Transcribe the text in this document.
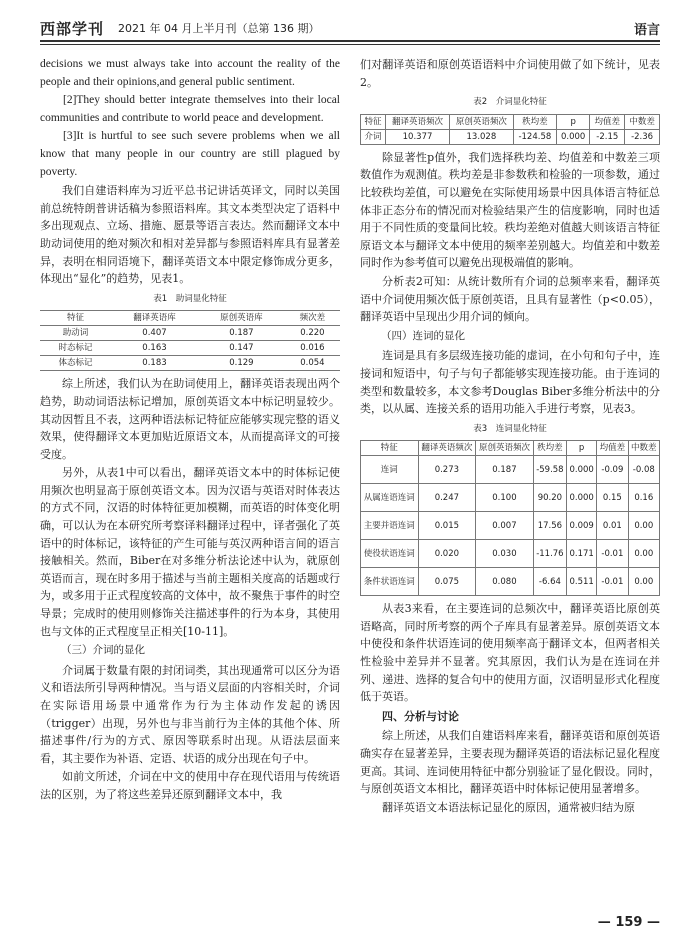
西部学刊 2021 年 04 月上半月刊（总第 136 期）	语言

decisions we must always take into account the reality of the people and their opinions,and general public sentiment.

[2]They should better integrate themselves into their local communities and contribute to world peace and development.

[3]It is hurtful to see such severe problems when we all know that many people in our country are still plagued by poverty.

我们自建语料库为习近平总书记讲话英译文，同时以美国前总统特朗普讲话稿为参照语料库。其文本类型决定了语料中多出现观点、立场、措施、愿景等语言表达。然而翻译文本中助动词使用的绝对频次和相对差异都与参照语料库具有显著差异，表明在相同语境下，翻译英语文本中限定修饰成分更多，体现出“显化”的趋势，见表1。

表1　助词显化特征
特征	翻译英语库	原创英语库	频次差
助动词	0.407	0.187	0.220
时态标记	0.163	0.147	0.016
体态标记	0.183	0.129	0.054

综上所述，我们认为在助词使用上，翻译英语表现出两个趋势，助动词语法标记增加，原创英语文本中标记明显较少。其动因暂且不表，这两种语法标记特征应能够实现完整的语义效果，使得翻译文本更加贴近原语文本，从而提高译文的可接受度。

另外，从表1中可以看出，翻译英语文本中的时体标记使用频次也明显高于原创英语文本。因为汉语与英语对时体表达的方式不同，汉语的时体特征更加模糊，而英语的时体变化明确，可以认为在本研究所考察译料翻译过程中，译者强化了英语中的时体标记，该特征的产生可能与英汉两种语言间的语言接触相关。然而，Biber在对多维分析法论述中认为，就原创英语而言，现在时多用于描述与当前主题相关度高的话题或行为，或多用于正式程度较高的文体中，故不聚焦于事件的时空导景；完成时的使用则修饰关注描述事件的行为本身，其使用也与文体的正式程度呈正相关[10-11]。

（三）介词的显化

介词属于数量有限的封闭词类，其出现通常可以区分为语义和语法所引导两种情况。当与语义层面的内容相关时，介词在实际语用场景中通常作为行为主体动作发起的诱因（trigger）出现，另外也与非当前行为主体的其他个体、所描述事件/行为的方式、原因等联系时出现。从语法层面来看，其主要作为补语、定语、状语的成分出现在句子中。

如前文所述，介词在中文的使用中存在现代语用与传统语法的区别，为了将这些差异还原到翻译文本中，我

们对翻译英语和原创英语语料中介词使用做了如下统计，见表2。

表2　介词显化特征
特征	翻译英语频次	原创英语频次	秩均差	p	均值差	中数差
介词	10.377	13.028	-124.58	0.000	-2.15	-2.36

除显著性p值外，我们选择秩均差、均值差和中数差三项数值作为观测值。秩均差是非参数秩和检验的一项参数，通过比较秩均差值，可以避免在实际使用场景中因具体语言特征总体非正态分布的情况而对检验结果产生的信度影响，同时也适用于不同性质的变量间比较。秩均差绝对值越大则该语言特征原语文本与翻译文本中使用的频率差别越大。均值差和中数差同时作为参考值可以避免出现极端值的影响。

分析表2可知：从统计数所有介词的总频率来看，翻译英语中介词使用频次低于原创英语，且具有显著性（p<0.05），翻译英语中呈现出少用介词的倾向。

（四）连词的显化

连词是具有多层级连接功能的虚词，在小句和句子中，连接词和短语中，句子与句子都能够实现连接功能。由于连词的类型和数量较多，本文参考Douglas Biber多维分析法中的分类，以从属、连接关系的语用功能入手进行考察，见表3。

表3　连词显化特征
特征	翻译英语频次	原创英语频次	秩均差	p	均值差	中数差
连词	0.273	0.187	-59.58	0.000	-0.09	-0.08
从属连语连词	0.247	0.100	90.20	0.000	0.15	0.16
主要并语连词	0.015	0.007	17.56	0.009	0.01	0.00
使役状语连词	0.020	0.030	-11.76	0.171	-0.01	0.00
条件状语连词	0.075	0.080	-6.64	0.511	-0.01	0.00

从表3来看，在主要连词的总频次中，翻译英语比原创英语略高，同时所考察的两个子库具有显著差异。原创英语文本中使役和条件状语连词的使用频率高于翻译文本，但两者相关性检验中差异并不显著。究其原因，我们认为是在连词在并列、递进、选择的复合句中的使用方面，汉语明显形式化程度低于英语。

四、分析与讨论

综上所述，从我们自建语料库来看，翻译英语和原创英语确实存在显著差异，主要表现为翻译英语的语法标记显化程度更高。其词、连词使用特征中都分别验证了显化假设。同时，与原创英语文本相比，翻译英语中时体标记使用显著增多。

翻译英语文本语法标记显化的原因，通常被归结为原

— 159 —
